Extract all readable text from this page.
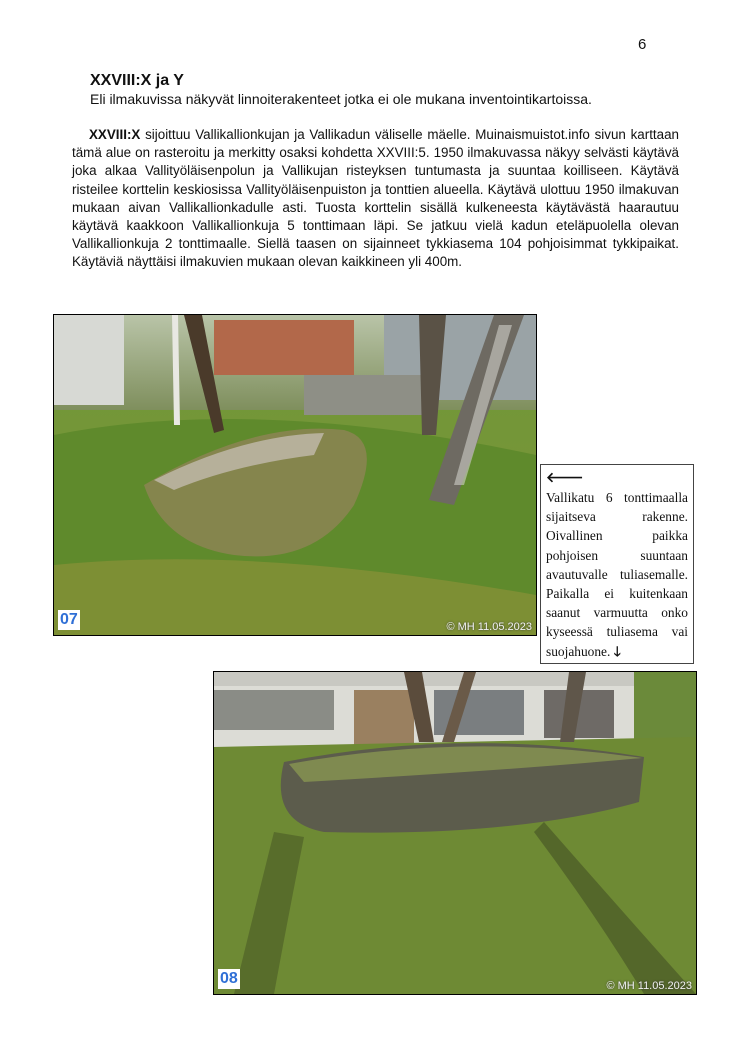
6
XXVIII:X ja Y

Eli ilmakuvissa näkyvät linnoiterakenteet jotka ei ole mukana inventointikartoissa.

XXVIII:X sijoittuu Vallikallionkujan ja Vallikadun väliselle mäelle. Muinaismuistot.info sivun karttaan tämä alue on rasteroitu ja merkitty osaksi kohdetta XXVIII:5. 1950 ilmakuvassa näkyy selvästi käytävä joka alkaa Vallityöläisenpolun ja Vallikujan risteyksen tuntumasta ja suuntaa koilliseen. Käytävä risteilee korttelin keskiosissa Vallityöläisenpuiston ja tonttien alueella. Käytävä ulottuu 1950 ilmakuvan mukaan aivan Vallikallionkadulle asti. Tuosta korttelin sisällä kulkeneesta käytävästä haarautuu käytävä kaakkoon Vallikallionkuja 5 tonttimaan läpi. Se jatkuu vielä kadun eteläpuolella olevan Vallikallionkuja 2 tonttimaalle. Siellä taasen on sijainneet tykkiasema 104 pohjoisimmat tykkipaikat. Käytäviä näyttäisi ilmakuvien mukaan olevan kaikkineen yli 400m.

07	© MH 11.05.2023
🡐
Vallikatu 6 tonttimaalla sijaitseva rakenne. Oivallinen paikka pohjoisen suuntaan avautuvalle tuliasemalle. Paikalla ei kuitenkaan saanut varmuutta onko kyseessä tuliasema vai suojahuone. 🡓
08	© MH 11.05.2023
